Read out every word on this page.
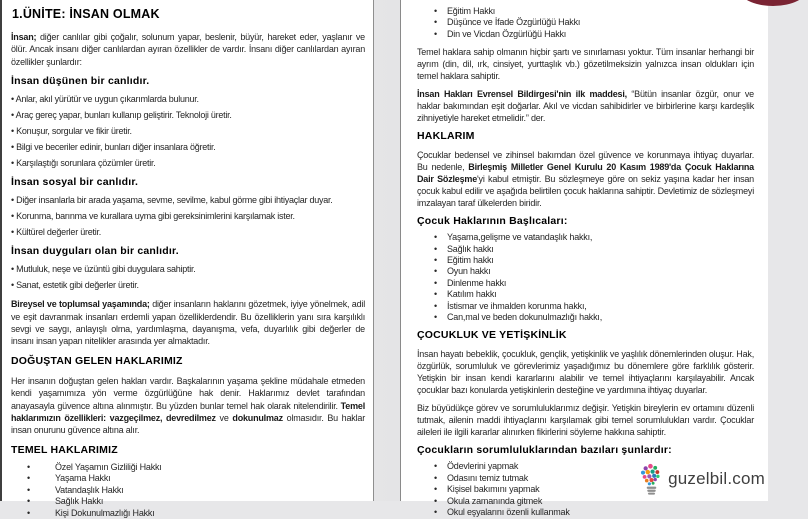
1.ÜNİTE: İNSAN OLMAK
İnsan; diğer canlılar gibi çoğalır, solunum yapar, beslenir, büyür, hareket eder, yaşlanır ve ölür. Ancak insanı diğer canlılardan ayıran özellikler de vardır. İnsanı diğer canlılardan ayıran özellikler şunlardır:
İnsan düşünen bir canlıdır.
• Anlar, akıl yürütür ve uygun çıkarımlarda bulunur.
• Araç gereç yapar, bunları kullanıp geliştirir. Teknoloji üretir.
• Konuşur, sorgular ve fikir üretir.
• Bilgi ve beceriler edinir, bunları diğer insanlara öğretir.
• Karşılaştığı sorunlara çözümler üretir.
İnsan sosyal bir canlıdır.
• Diğer insanlarla bir arada yaşama, sevme, sevilme, kabul görme gibi ihtiyaçlar duyar.
• Korunma, barınma ve kurallara uyma gibi gereksinimlerini karşılamak ister.
• Kültürel değerler üretir.
İnsan duyguları olan bir canlıdır.
• Mutluluk, neşe ve üzüntü gibi duygulara sahiptir.
• Sanat, estetik gibi değerler üretir.
Bireysel ve toplumsal yaşamında; diğer insanların haklarını gözetmek, iyiye yönelmek, adil ve eşit davranmak insanları erdemli yapan özelliklerdendir. Bu özelliklerin yanı sıra karşılıklı sevgi ve saygı, anlayışlı olma, yardımlaşma, dayanışma, vefa, duyarlılık gibi değerler de insanı insan yapan nitelikler arasında yer almaktadır.
DOĞUŞTAN GELEN HAKLARIMIZ
Her insanın doğuştan gelen hakları vardır. Başkalarının yaşama şekline müdahale etmeden kendi yaşamımıza yön verme özgürlüğüne hak denir. Haklarımız devlet tarafından anayasayla güvence altına alınmıştır. Bu yüzden bunlar temel hak olarak nitelendirilir. Temel haklarımızın özellikleri: vazgeçilmez, devredilmez ve dokunulmaz olmasıdır. Bu haklar insan onurunu güvence altına alır.
TEMEL HAKLARIMIZ
• Özel Yaşamın Gizliliği Hakkı
• Yaşama Hakkı
• Vatandaşlık Hakkı
• Sağlık Hakkı
• Kişi Dokunulmazlığı Hakkı
• Eğitim Hakkı
• Düşünce ve İfade Özgürlüğü Hakkı
• Din ve Vicdan Özgürlüğü Hakkı
Temel haklara sahip olmanın hiçbir şartı ve sınırlaması yoktur. Tüm insanlar herhangi bir ayrım (din, dil, ırk, cinsiyet, yurttaşlık vb.) gözetilmeksizin yalnızca insan oldukları için temel haklara sahiptir.
İnsan Hakları Evrensel Bildirgesi'nin ilk maddesi, “Bütün insanlar özgür, onur ve haklar bakımından eşit doğarlar. Akıl ve vicdan sahibidirler ve birbirlerine karşı kardeşlik zihniyetiyle hareket etmelidir.” der.
HAKLARIM
Çocuklar bedensel ve zihinsel bakımdan özel güvence ve korunmaya ihtiyaç duyarlar. Bu nedenle, Birleşmiş Milletler Genel Kurulu 20 Kasım 1989'da Çocuk Haklarına Dair Sözleşme'yi kabul etmiştir. Bu sözleşmeye göre on sekiz yaşına kadar her insan çocuk kabul edilir ve aşağıda belirtilen çocuk haklarına sahiptir. Devletimiz de sözleşmeyi imzalayan taraf ülkelerden biridir.
Çocuk Haklarının Başlıcaları:
• Yaşama,gelişme ve vatandaşlık hakkı,
• Sağlık hakkı
• Eğitim hakkı
• Oyun hakkı
• Dinlenme hakkı
• Katılım hakkı
• İstismar ve ihmalden korunma hakkı,
• Can,mal ve beden dokunulmazlığı hakkı,
ÇOCUKLUK VE YETİŞKİNLİK
İnsan hayatı bebeklik, çocukluk, gençlik, yetişkinlik ve yaşlılık dönemlerinden oluşur. Hak, özgürlük, sorumluluk ve görevlerimiz yaşadığımız bu dönemlere göre farklılık gösterir. Yetişkin bir insan kendi kararlarını alabilir ve temel ihtiyaçlarını karşılayabilir. Ancak çocuklar bazı konularda yetişkinlerin desteğine ve yardımına ihtiyaç duyarlar.
Biz büyüdükçe görev ve sorumluluklarımız değişir. Yetişkin bireylerin ev ortamını düzenli tutmak, ailenin maddi ihtiyaçlarını karşılamak gibi temel sorumlulukları vardır. Çocuklar aileleri ile ilgili kararlar alınırken fikirlerini söyleme hakkına sahiptir.
Çocukların sorumluluklarından bazıları şunlardır:
• Ödevlerini yapmak
• Odasını temiz tutmak
• Kişisel bakımını yapmak
• Okula zamanında gitmek
• Okul eşyalarını özenli kullanmak
guzelbil.com
